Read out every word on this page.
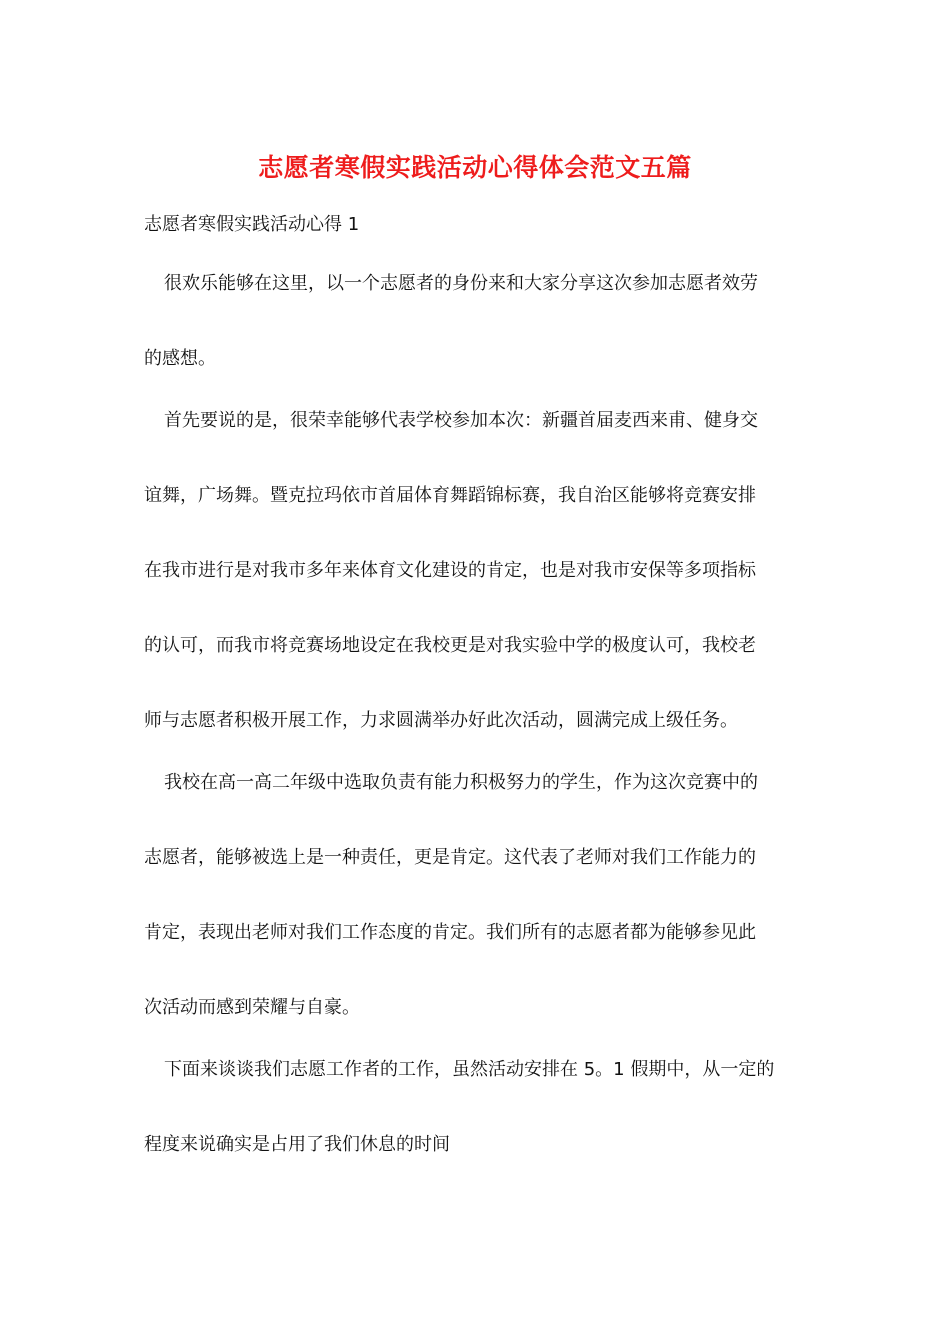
志愿者寒假实践活动心得体会范文五篇
志愿者寒假实践活动心得 1
很欢乐能够在这里，以一个志愿者的身份来和大家分享这次参加志愿者效劳
的感想。
首先要说的是，很荣幸能够代表学校参加本次：新疆首届麦西来甫、健身交
谊舞，广场舞。暨克拉玛依市首届体育舞蹈锦标赛，我自治区能够将竞赛安排
在我市进行是对我市多年来体育文化建设的肯定，也是对我市安保等多项指标
的认可，而我市将竞赛场地设定在我校更是对我实验中学的极度认可，我校老
师与志愿者积极开展工作，力求圆满举办好此次活动，圆满完成上级任务。
我校在高一高二年级中选取负责有能力积极努力的学生，作为这次竞赛中的
志愿者，能够被选上是一种责任，更是肯定。这代表了老师对我们工作能力的
肯定，表现出老师对我们工作态度的肯定。我们所有的志愿者都为能够参见此
次活动而感到荣耀与自豪。
下面来谈谈我们志愿工作者的工作，虽然活动安排在 5。1 假期中，从一定的
程度来说确实是占用了我们休息的时间
